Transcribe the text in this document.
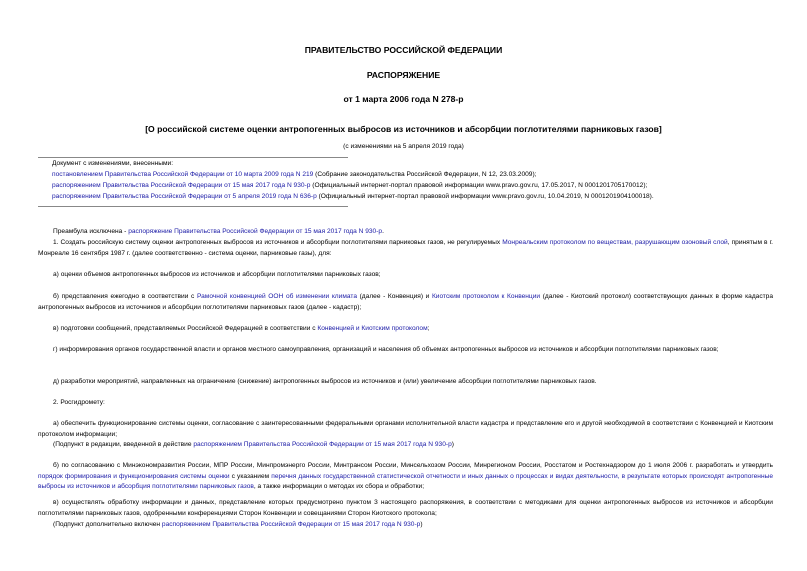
ПРАВИТЕЛЬСТВО РОССИЙСКОЙ ФЕДЕРАЦИИ
РАСПОРЯЖЕНИЕ
от 1 марта 2006 года N 278-р
[О российской системе оценки антропогенных выбросов из источников и абсорбции поглотителями парниковых газов]
(с изменениями на 5 апреля 2019 года)
Документ с изменениями, внесенными:
постановлением Правительства Российской Федерации от 10 марта 2009 года N 219 (Собрание законодательства Российской Федерации, N 12, 23.03.2009);
распоряжением Правительства Российской Федерации от 15 мая 2017 года N 930-р (Официальный интернет-портал правовой информации www.pravo.gov.ru, 17.05.2017, N 0001201705170012);
распоряжением Правительства Российской Федерации от 5 апреля 2019 года N 636-р (Официальный интернет-портал правовой информации www.pravo.gov.ru, 10.04.2019, N 0001201904100018).
Преамбула исключена - распоряжение Правительства Российской Федерации от 15 мая 2017 года N 930-р.
1. Создать российскую систему оценки антропогенных выбросов из источников и абсорбции поглотителями парниковых газов, не регулируемых Монреальским протоколом по веществам, разрушающим озоновый слой, принятым в г. Монреале 16 сентября 1987 г. (далее соответственно - система оценки, парниковые газы), для:
а) оценки объемов антропогенных выбросов из источников и абсорбции поглотителями парниковых газов;
б) представления ежегодно в соответствии с Рамочной конвенцией ООН об изменении климата (далее - Конвенция) и Киотским протоколом к Конвенции (далее - Киотский протокол) соответствующих данных в форме кадастра антропогенных выбросов из источников и абсорбции поглотителями парниковых газов (далее - кадастр);
в) подготовки сообщений, представляемых Российской Федерацией в соответствии с Конвенцией и Киотским протоколом;
г) информирования органов государственной власти и органов местного самоуправления, организаций и населения об объемах антропогенных выбросов из источников и абсорбции поглотителями парниковых газов;
д) разработки мероприятий, направленных на ограничение (снижение) антропогенных выбросов из источников и (или) увеличение абсорбции поглотителями парниковых газов.
2. Росгидромету:
а) обеспечить функционирование системы оценки, согласование с заинтересованными федеральными органами исполнительной власти кадастра и представление его и другой необходимой в соответствии с Конвенцией и Киотским протоколом информации;
(Подпункт в редакции, введенной в действие распоряжением Правительства Российской Федерации от 15 мая 2017 года N 930-р)
б) по согласованию с Минэкономразвития России, МПР России, Минпромэнерго России, Минтрансом России, Минсельхозом России, Минрегионом России, Росстатом и Ростехнадзором до 1 июля 2006 г. разработать и утвердить порядок формирования и функционирования системы оценки с указанием перечня данных государственной статистической отчетности и иных данных о процессах и видах деятельности, в результате которых происходят антропогенные выбросы из источников и абсорбция поглотителями парниковых газов, а также информации о методах их сбора и обработки;
в) осуществлять обработку информации и данных, представление которых предусмотрено пунктом 3 настоящего распоряжения, в соответствии с методиками для оценки антропогенных выбросов из источников и абсорбции поглотителями парниковых газов, одобренными конференциями Сторон Конвенции и совещаниями Сторон Киотского протокола;
(Подпункт дополнительно включен распоряжением Правительства Российской Федерации от 15 мая 2017 года N 930-р)
